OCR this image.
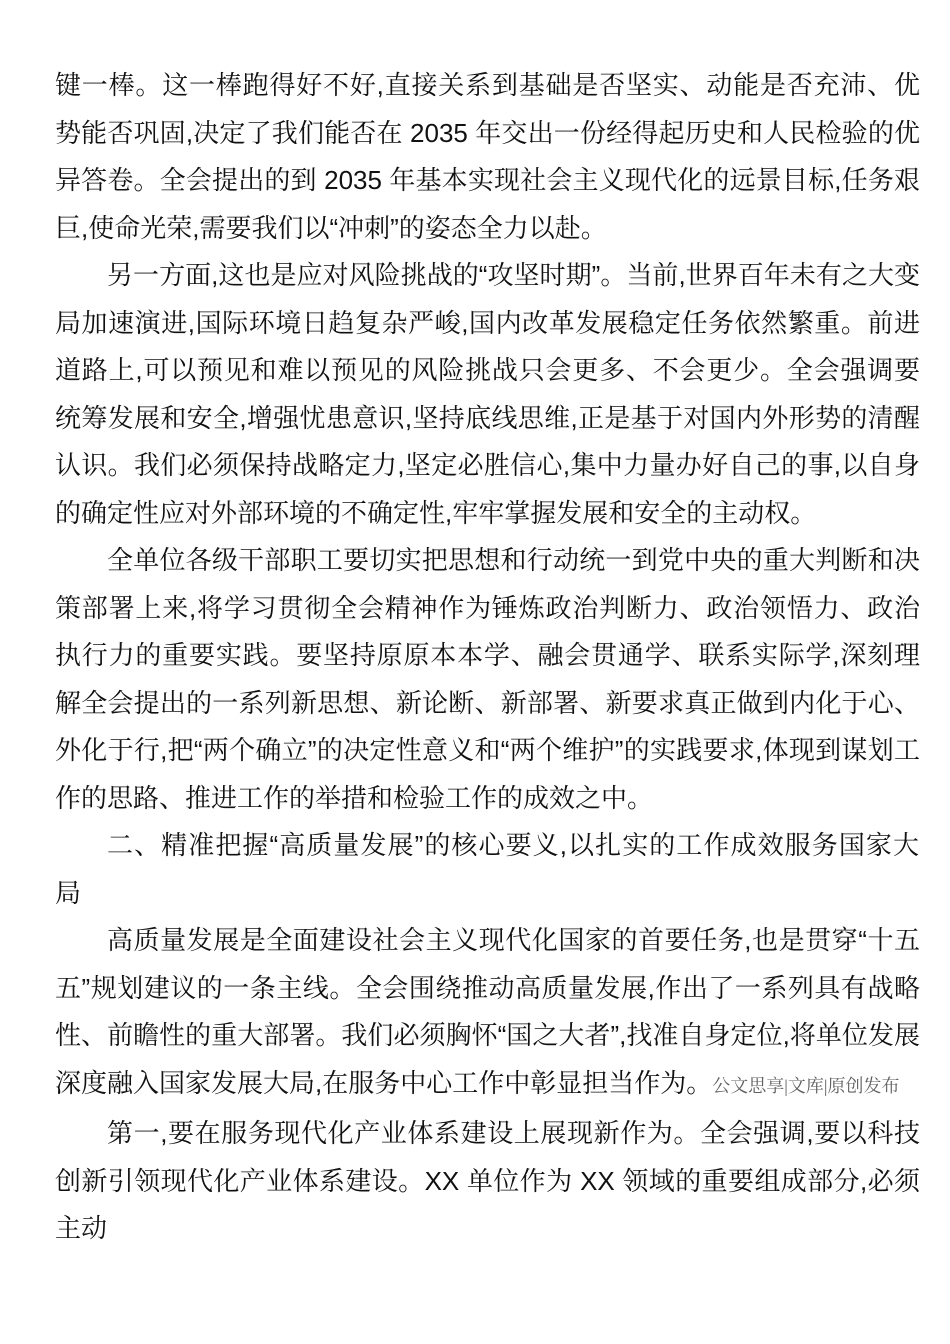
键一棒。这一棒跑得好不好,直接关系到基础是否坚实、动能是否充沛、优势能否巩固,决定了我们能否在 2035 年交出一份经得起历史和人民检验的优异答卷。全会提出的到 2035 年基本实现社会主义现代化的远景目标,任务艰巨,使命光荣,需要我们以“冲刺”的姿态全力以赴。

另一方面,这也是应对风险挑战的“攻坚时期”。当前,世界百年未有之大变局加速演进,国际环境日趋复杂严峻,国内改革发展稳定任务依然繁重。前进道路上,可以预见和难以预见的风险挑战只会更多、不会更少。全会强调要统筹发展和安全,增强忧患意识,坚持底线思维,正是基于对国内外形势的清醒认识。我们必须保持战略定力,坚定必胜信心,集中力量办好自己的事,以自身的确定性应对外部环境的不确定性,牢牢掌握发展和安全的主动权。

全单位各级干部职工要切实把思想和行动统一到党中央的重大判断和决策部署上来,将学习贯彻全会精神作为锤炼政治判断力、政治领悟力、政治执行力的重要实践。要坚持原原本本学、融会贯通学、联系实际学,深刻理解全会提出的一系列新思想、新论断、新部署、新要求真正做到内化于心、外化于行,把“两个确立”的决定性意义和“两个维护”的实践要求,体现到谋划工作的思路、推进工作的举措和检验工作的成效之中。

二、精准把握“高质量发展”的核心要义,以扎实的工作成效服务国家大局

高质量发展是全面建设社会主义现代化国家的首要任务,也是贯穿“十五五”规划建议的一条主线。全会围绕推动高质量发展,作出了一系列具有战略性、前瞻性的重大部署。我们必须胸怀“国之大者”,找准自身定位,将单位发展深度融入国家发展大局,在服务中心工作中彰显担当作为。公文思享|文库|原创发布

第一,要在服务现代化产业体系建设上展现新作为。全会强调,要以科技创新引领现代化产业体系建设。XX 单位作为 XX 领域的重要组成部分,必须主动
